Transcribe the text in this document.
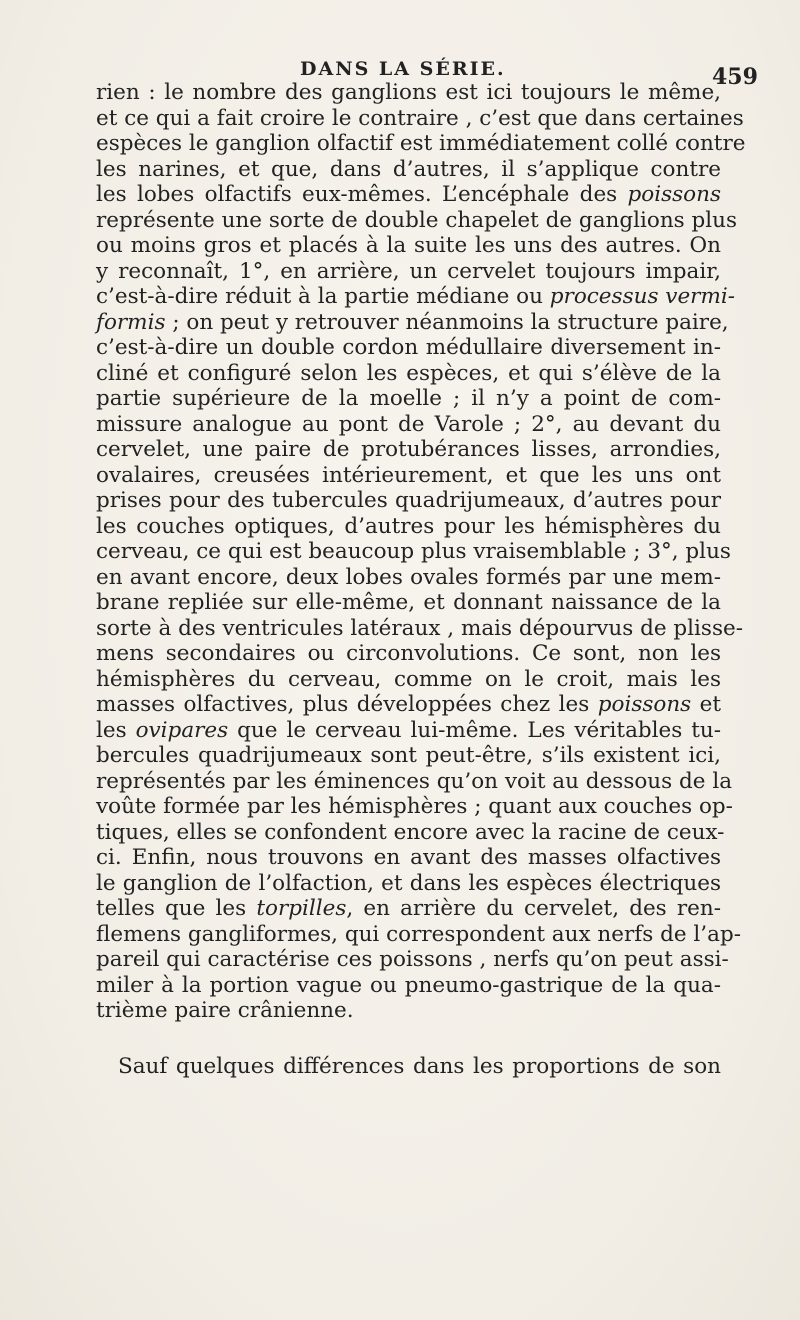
DANS LA SÉRIE.	459
rien : le nombre des ganglions est ici toujours le même,
et ce qui a fait croire le contraire , c’est que dans certaines
espèces le ganglion olfactif est immédiatement collé contre
les narines, et que, dans d’autres, il s’applique contre
les lobes olfactifs eux-mêmes. L’encéphale des poissons
représente une sorte de double chapelet de ganglions plus
ou moins gros et placés à la suite les uns des autres. On
y reconnaît, 1°, en arrière, un cervelet toujours impair,
c’est-à-dire réduit à la partie médiane ou processus vermi-
formis ; on peut y retrouver néanmoins la structure paire,
c’est-à-dire un double cordon médullaire diversement in-
cliné et configuré selon les espèces, et qui s’élève de la
partie supérieure de la moelle ; il n’y a point de com-
missure analogue au pont de Varole ; 2°, au devant du
cervelet, une paire de protubérances lisses, arrondies,
ovalaires, creusées intérieurement, et que les uns ont
prises pour des tubercules quadrijumeaux, d’autres pour
les couches optiques, d’autres pour les hémisphères du
cerveau, ce qui est beaucoup plus vraisemblable ; 3°, plus
en avant encore, deux lobes ovales formés par une mem-
brane repliée sur elle-même, et donnant naissance de la
sorte à des ventricules latéraux , mais dépourvus de plisse-
mens secondaires ou circonvolutions. Ce sont, non les
hémisphères du cerveau, comme on le croit, mais les
masses olfactives, plus développées chez les poissons et
les ovipares que le cerveau lui-même. Les véritables tu-
bercules quadrijumeaux sont peut-être, s’ils existent ici,
représentés par les éminences qu’on voit au dessous de la
voûte formée par les hémisphères ; quant aux couches op-
tiques, elles se confondent encore avec la racine de ceux-
ci. Enfin, nous trouvons en avant des masses olfactives
le ganglion de l’olfaction, et dans les espèces électriques
telles que les torpilles, en arrière du cervelet, des ren-
flemens gangliformes, qui correspondent aux nerfs de l’ap-
pareil qui caractérise ces poissons , nerfs qu’on peut assi-
miler à la portion vague ou pneumo-gastrique de la qua-
trième paire crânienne.
Sauf quelques différences dans les proportions de son
